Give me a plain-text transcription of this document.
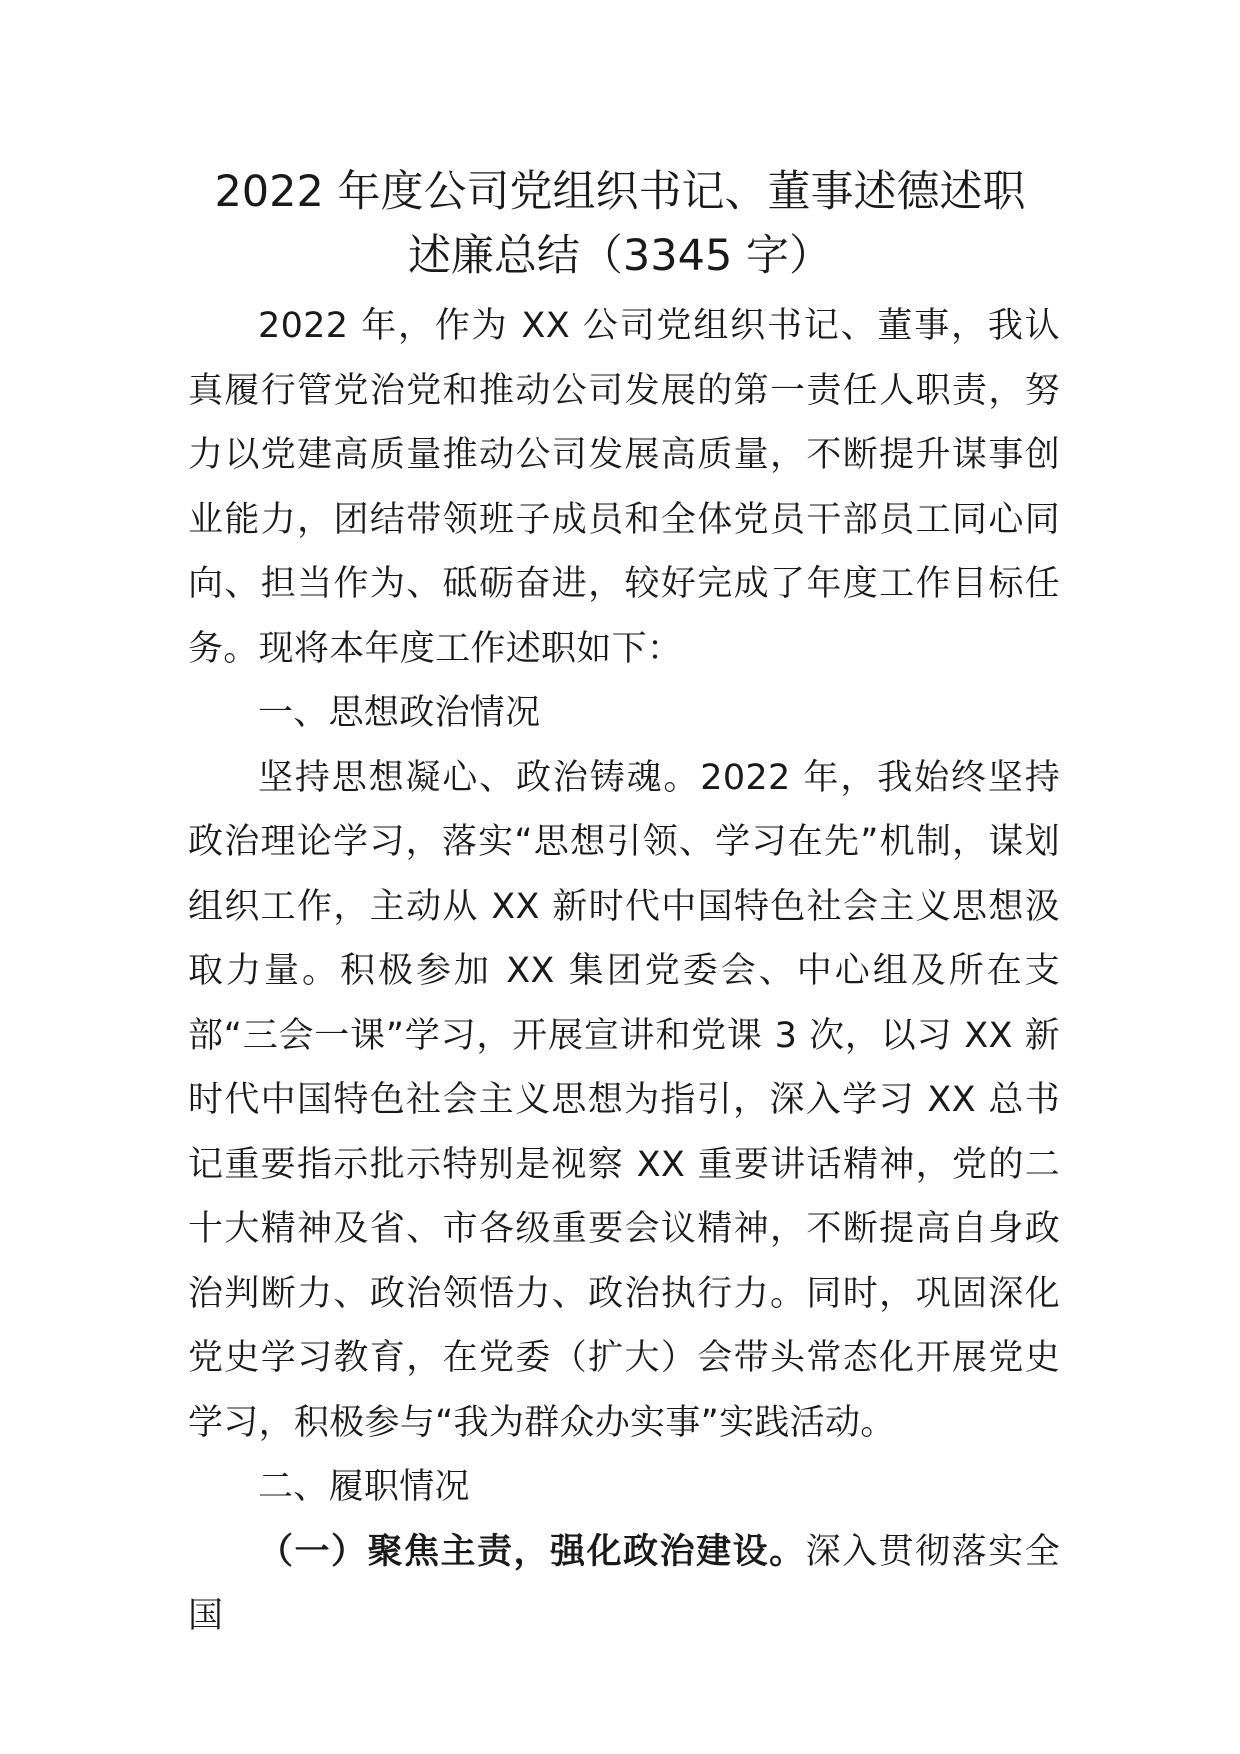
2022 年度公司党组织书记、董事述德述职
述廉总结（3345 字）

2022 年，作为 XX 公司党组织书记、董事，我认真履行管党治党和推动公司发展的第一责任人职责，努力以党建高质量推动公司发展高质量，不断提升谋事创业能力，团结带领班子成员和全体党员干部员工同心同向、担当作为、砥砺奋进，较好完成了年度工作目标任务。现将本年度工作述职如下：

一、思想政治情况

坚持思想凝心、政治铸魂。2022 年，我始终坚持政治理论学习，落实“思想引领、学习在先”机制，谋划组织工作，主动从 XX 新时代中国特色社会主义思想汲取力量。积极参加 XX 集团党委会、中心组及所在支部“三会一课”学习，开展宣讲和党课 3 次，以习 XX 新时代中国特色社会主义思想为指引，深入学习 XX 总书记重要指示批示特别是视察 XX 重要讲话精神，党的二十大精神及省、市各级重要会议精神，不断提高自身政治判断力、政治领悟力、政治执行力。同时，巩固深化党史学习教育，在党委（扩大）会带头常态化开展党史学习，积极参与“我为群众办实事”实践活动。

二、履职情况

（一）聚焦主责，强化政治建设。深入贯彻落实全国
